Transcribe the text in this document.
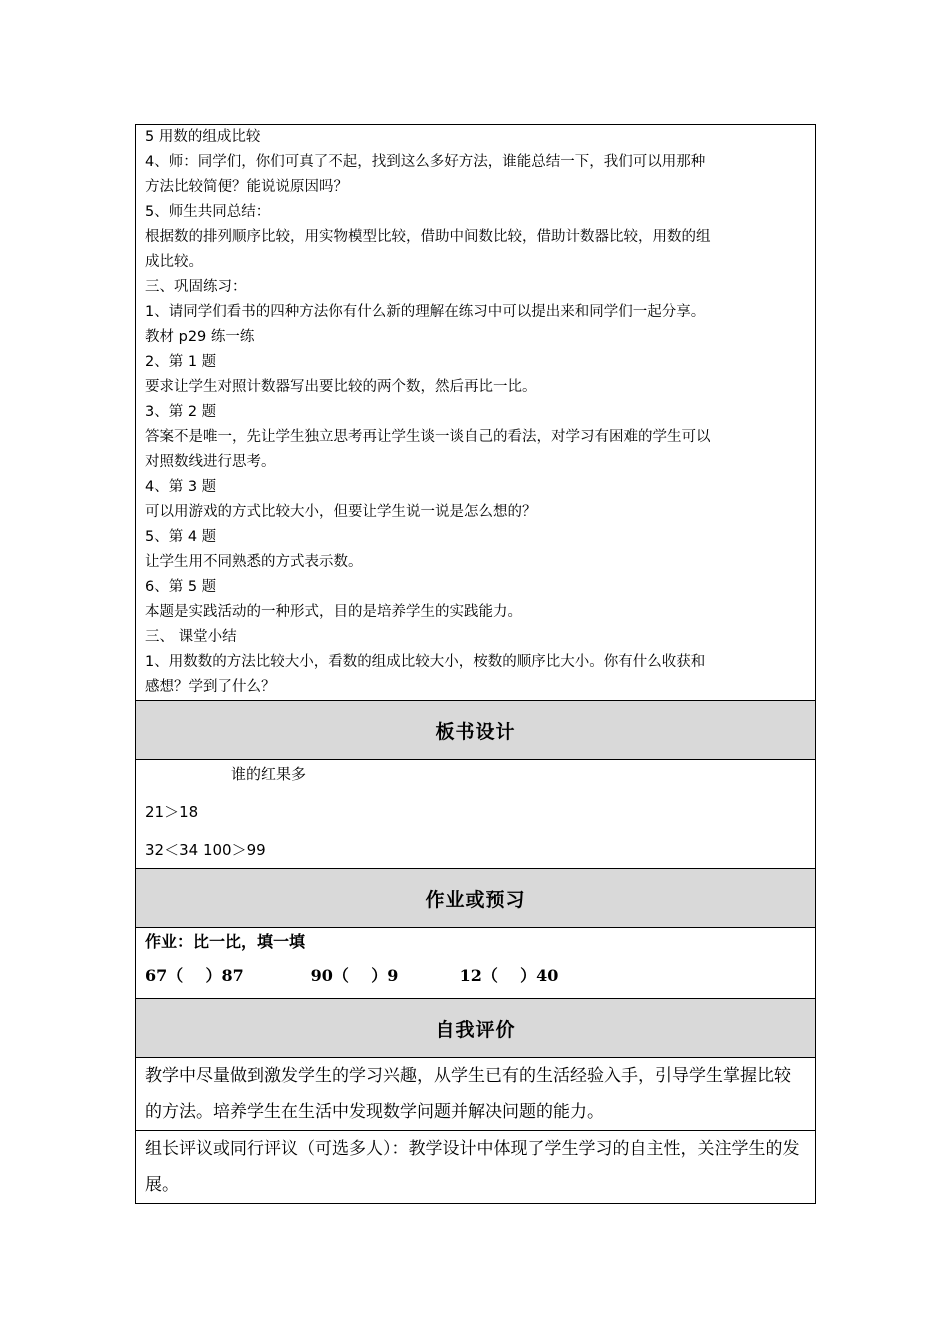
5 用数的组成比较
4、师：同学们，你们可真了不起，找到这么多好方法，谁能总结一下，我们可以用那种
方法比较简便？能说说原因吗？
5、师生共同总结：
根据数的排列顺序比较，用实物模型比较，借助中间数比较，借助计数器比较，用数的组
成比较。
三、巩固练习：
1、请同学们看书的四种方法你有什么新的理解在练习中可以提出来和同学们一起分享。
教材 p29 练一练
2、第 1 题
要求让学生对照计数器写出要比较的两个数，然后再比一比。
3、第 2 题
答案不是唯一，先让学生独立思考再让学生谈一谈自己的看法，对学习有困难的学生可以
对照数线进行思考。
4、第 3 题
可以用游戏的方式比较大小，但要让学生说一说是怎么想的？
5、第 4 题
让学生用不同熟悉的方式表示数。
6、第 5 题
本题是实践活动的一种形式，目的是培养学生的实践能力。
三、 课堂小结
1、用数数的方法比较大小，看数的组成比较大小，桉数的顺序比大小。你有什么收获和
感想？学到了什么？

板书设计

谁的红果多
21＞18
32＜34 100＞99

作业或预习

作业：比一比，填一填
67（    ）87            90（    ）9           12（    ）40

自我评价
教学中尽量做到激发学生的学习兴趣，从学生已有的生活经验入手，引导学生掌握比较的方法。培养学生在生活中发现数学问题并解决问题的能力。
组长评议或同行评议（可选多人）：教学设计中体现了学生学习的自主性，关注学生的发展。
